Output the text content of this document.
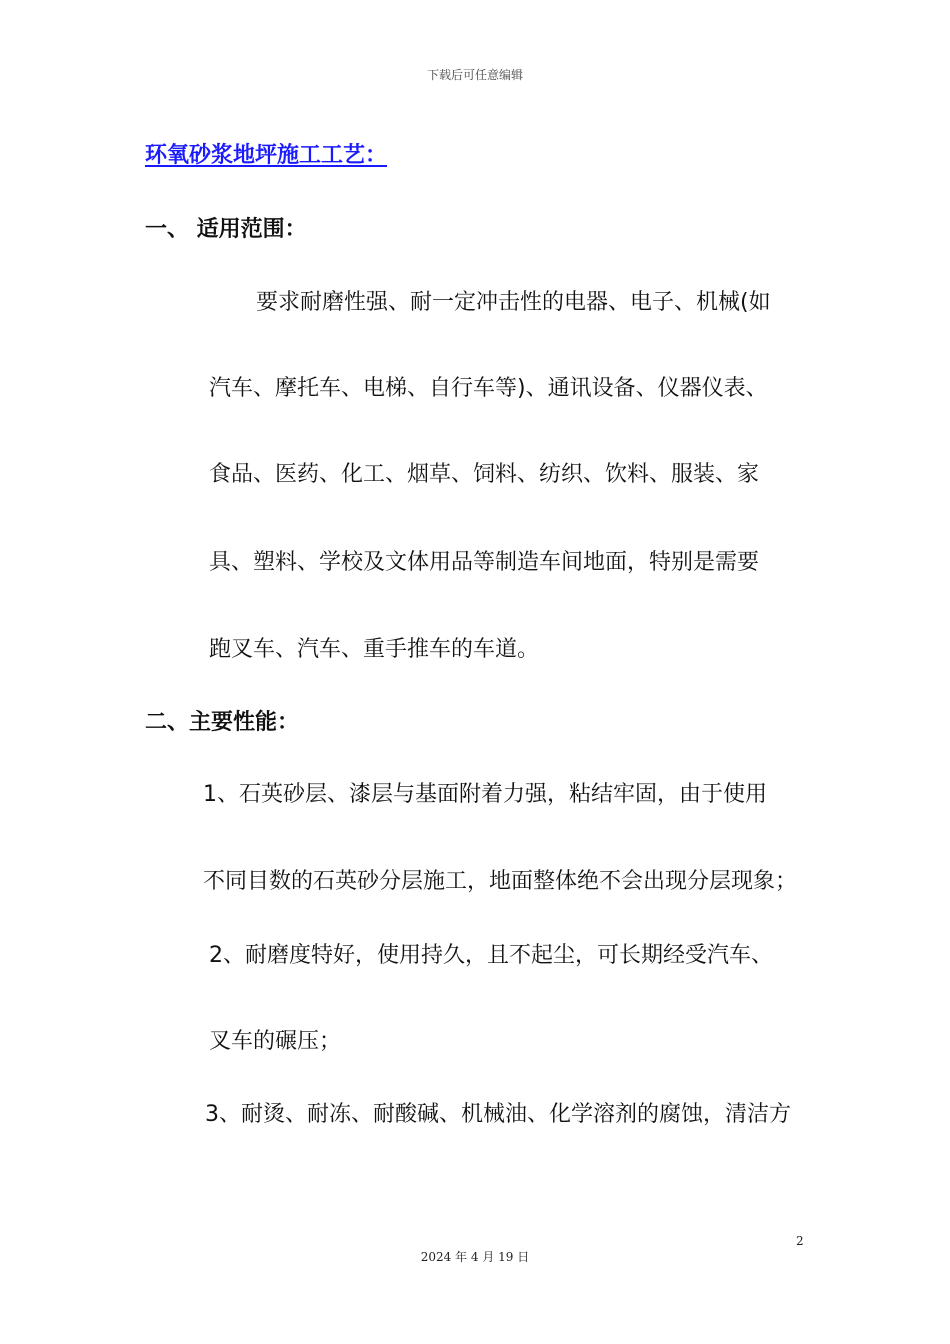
下载后可任意编辑
环氧砂浆地坪施工工艺：
一、 适用范围：
要求耐磨性强、耐一定冲击性的电器、电子、机械(如
汽车、摩托车、电梯、自行车等)、通讯设备、仪器仪表、
食品、医药、化工、烟草、饲料、纺织、饮料、服装、家
具、塑料、学校及文体用品等制造车间地面，特别是需要
跑叉车、汽车、重手推车的车道。
二、主要性能：
1、石英砂层、漆层与基面附着力强，粘结牢固，由于使用
不同目数的石英砂分层施工，地面整体绝不会出现分层现象；
2、耐磨度特好，使用持久，且不起尘，可长期经受汽车、
叉车的碾压；
3、耐烫、耐冻、耐酸碱、机械油、化学溶剂的腐蚀，清洁方
2
2024 年 4 月 19 日
